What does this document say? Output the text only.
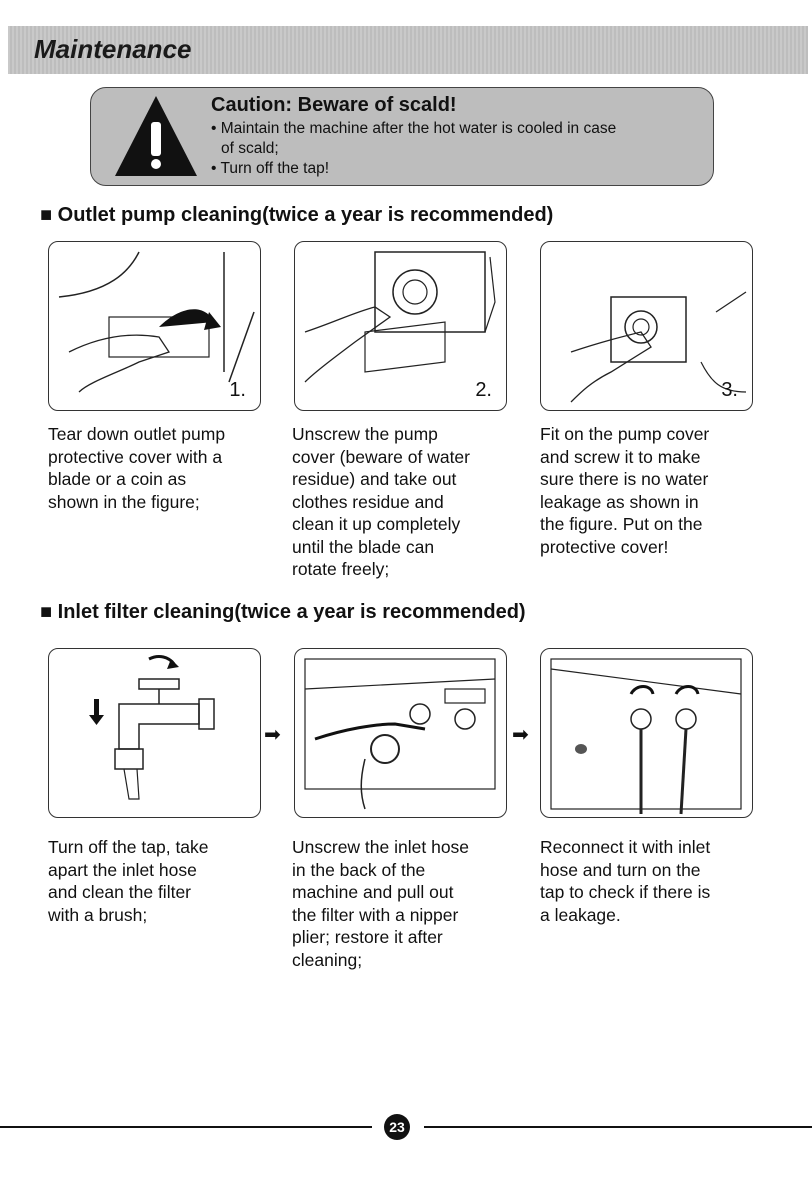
Maintenance
Caution: Beware of scald!
• Maintain the machine after the hot water is cooled in case
of scald;
• Turn off the tap!
■ Outlet pump cleaning(twice a year is recommended)
1.	2.	3.
Tear down outlet pump
protective cover with a
blade or a coin as
shown in the figure;
Unscrew the pump
cover (beware of water
residue) and take out
clothes residue and
clean it up completely
until the blade can
rotate freely;
Fit on the pump cover
and screw it to make
sure there is no water
leakage as shown in
the figure. Put on the
protective cover!
■ Inlet filter cleaning(twice a year is recommended)
➡	➡
Turn off the tap, take
apart the inlet hose
and clean the filter
with a brush;
Unscrew the inlet hose
in the back of the
machine and pull out
the filter with a nipper
plier; restore it after
cleaning;
Reconnect it with inlet
hose and turn on the
tap to check if there is
a leakage.
23
